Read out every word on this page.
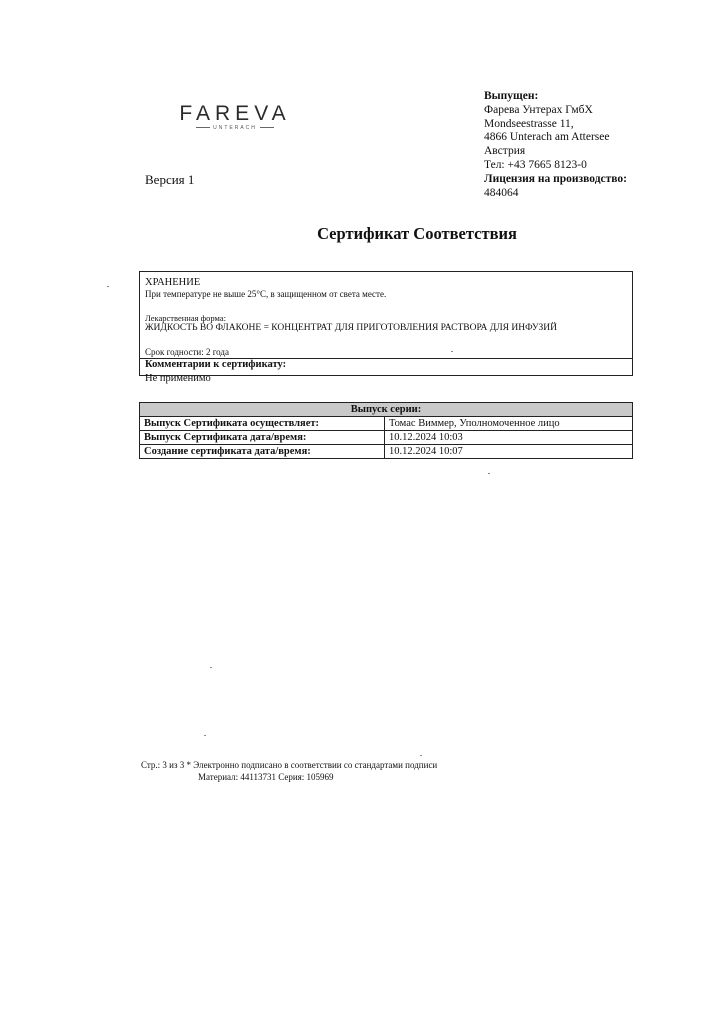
FAREVA
UNTERACH
Выпущен:
Фарева Унтерах ГмбХ
Mondseestrasse 11,
4866 Unterach am Attersee
Австрия
Тел: +43 7665 8123-0
Лицензия на производство:
484064
Версия 1
Сертификат Соответствия
ХРАНЕНИЕ
При температуре не выше 25°С, в защищенном от света месте.
Лекарственная форма:
ЖИДКОСТЬ ВО ФЛАКОНЕ = КОНЦЕНТРАТ ДЛЯ ПРИГОТОВЛЕНИЯ РАСТВОРА ДЛЯ ИНФУЗИЙ
Срок годности: 2 года
Комментарии к сертификату:
Не применимо
Выпуск серии:	
Выпуск Сертификата осуществляет:	Томас Виммер, Уполномоченное лицо
Выпуск Сертификата дата/время:	10.12.2024 10:03
Создание сертификата дата/время:	10.12.2024 10:07
Стр.: 3 из 3 * Электронно подписано в соответствии со стандартами подписи
Материал: 44113731 Серия: 105969
